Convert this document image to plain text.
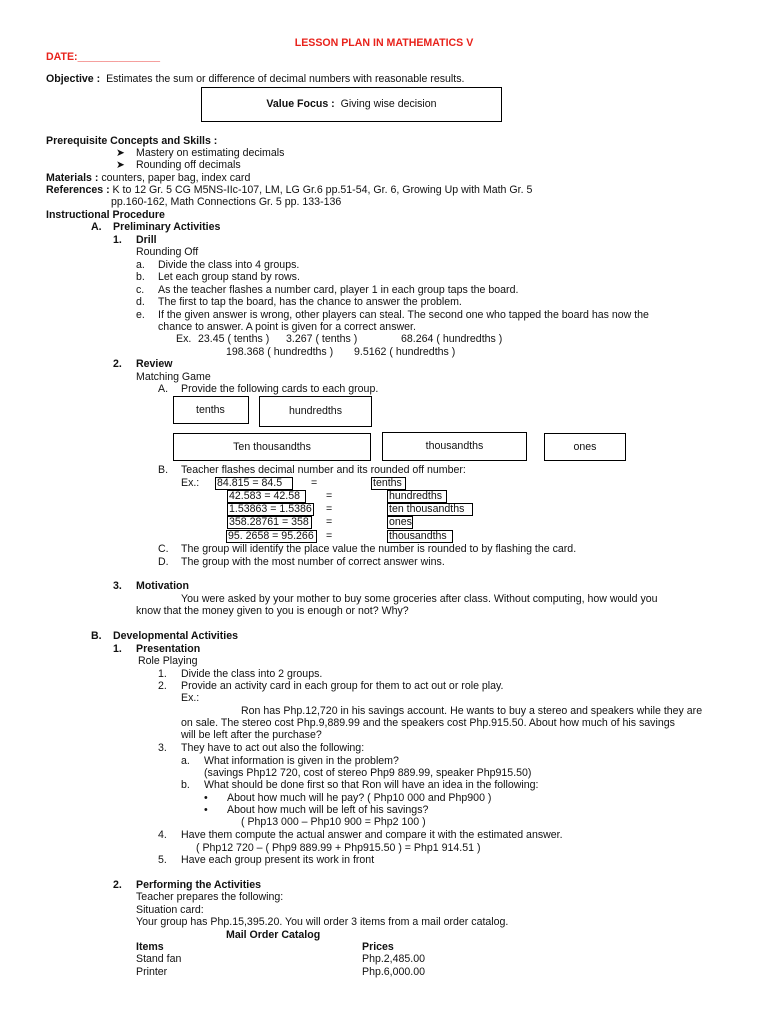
LESSON PLAN IN MATHEMATICS V
DATE:______________
Objective : Estimates the sum or difference of decimal numbers with reasonable results.
Value Focus : Giving wise decision
Prerequisite Concepts and Skills :
➤ Mastery on estimating decimals
➤ Rounding off decimals
Materials : counters, paper bag, index card
References : K to 12 Gr. 5 CG M5NS-IIc-107, LM, LG Gr.6 pp.51-54, Gr. 6, Growing Up with Math Gr. 5
pp.160-162, Math Connections Gr. 5 pp. 133-136
Instructional Procedure
A. Preliminary Activities
1. Drill
Rounding Off
a. Divide the class into 4 groups.
b. Let each group stand by rows.
c. As the teacher flashes a number card, player 1 in each group taps the board.
d. The first to tap the board, has the chance to answer the problem.
e. If the given answer is wrong, other players can steal. The second one who tapped the board has now the
chance to answer. A point is given for a correct answer.
Ex. 23.45 ( tenths ) 3.267 ( tenths )	68.264 ( hundredths )
198.368 ( hundredths ) 9.5162 ( hundredths )
2. Review
Matching Game
A. Provide the following cards to each group.
tenths	hundredths
Ten thousandths	thousandths	ones
B. Teacher flashes decimal number and its rounded off number:
Ex.: 84.815 = 84.5	=	tenths
42.583 = 42.58	=	hundredths
1.53863 = 1.5386 =	ten thousandths
358.28761 = 358 =	ones
95. 2658 = 95.266	=	thousandths
C. The group will identify the place value the number is rounded to by flashing the card.
D. The group with the most number of correct answer wins.
3. Motivation
You were asked by your mother to buy some groceries after class. Without computing, how would you
know that the money given to you is enough or not? Why?
B. Developmental Activities
1. Presentation
Role Playing
1. Divide the class into 2 groups.
2. Provide an activity card in each group for them to act out or role play.
Ex.:
Ron has Php.12,720 in his savings account. He wants to buy a stereo and speakers while they are
on sale. The stereo cost Php.9,889.99 and the speakers cost Php.915.50. About how much of his savings
will be left after the purchase?
3. They have to act out also the following:
a. What information is given in the problem?
(savings Php12 720, cost of stereo Php9 889.99, speaker Php915.50)
b. What should be done first so that Ron will have an idea in the following:
• About how much will he pay? ( Php10 000 and Php900 )
• About how much will be left of his savings?
( Php13 000 – Php10 900 = Php2 100 )
4. Have them compute the actual answer and compare it with the estimated answer.
( Php12 720 – ( Php9 889.99 + Php915.50 ) = Php1 914.51 )
5. Have each group present its work in front
2. Performing the Activities
Teacher prepares the following:
Situation card:
Your group has Php.15,395.20. You will order 3 items from a mail order catalog.
Mail Order Catalog
Items	Prices
Stand fan	Php.2,485.00
Printer	Php.6,000.00
